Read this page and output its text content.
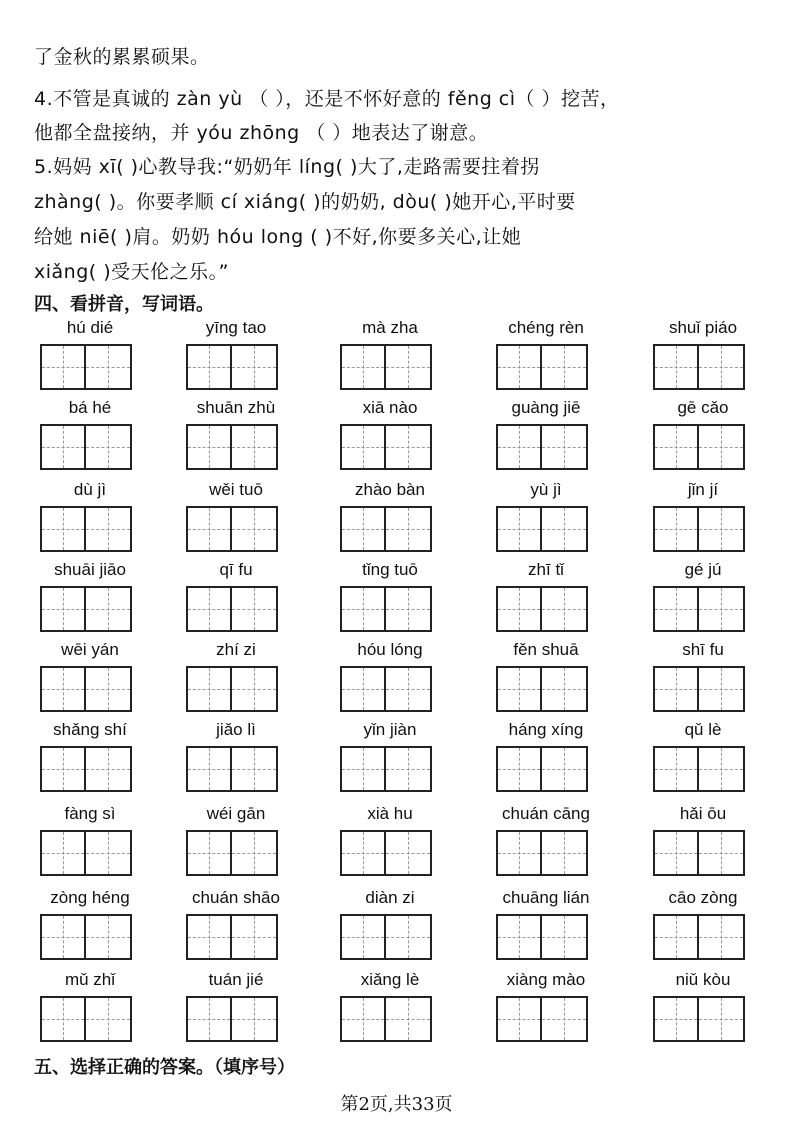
了金秋的累累硕果。
4.不管是真诚的 zàn yù （ ），还是不怀好意的 fěng cì（ ）挖苦，
他都全盘接纳，并 yóu zhōng （ ）地表达了谢意。
5.妈妈 xī( )心教导我:“奶奶年 líng( )大了,走路需要拄着拐
zhàng( )。你要孝顺 cí xiáng( )的奶奶, dòu( )她开心,平时要
给她 niē( )肩。奶奶 hóu long ( )不好,你要多关心,让她
xiǎng( )受天伦之乐。”
四、看拼音，写词语。
hú dié	yīng tao	mà zha	chéng rèn	shuǐ piáo
bá hé	shuān zhù	xiā nào	guàng jiē	gē cǎo
dù jì	wěi tuō	zhào bàn	yù jì	jǐn jí
shuāi jiāo	qī fu	tǐng tuō	zhī tǐ	gé jú
wēi yán	zhí zi	hóu lóng	fěn shuā	shī fu
shǎng shí	jiǎo lì	yǐn jiàn	háng xíng	qǔ lè
fàng sì	wéi gān	xià hu	chuán cāng	hǎi ōu
zòng héng	chuán shāo	diàn zi	chuāng lián	cāo zòng
mǔ zhǐ	tuán jié	xiǎng lè	xiàng mào	niǔ kòu
五、选择正确的答案。（填序号）
第2页,共33页
